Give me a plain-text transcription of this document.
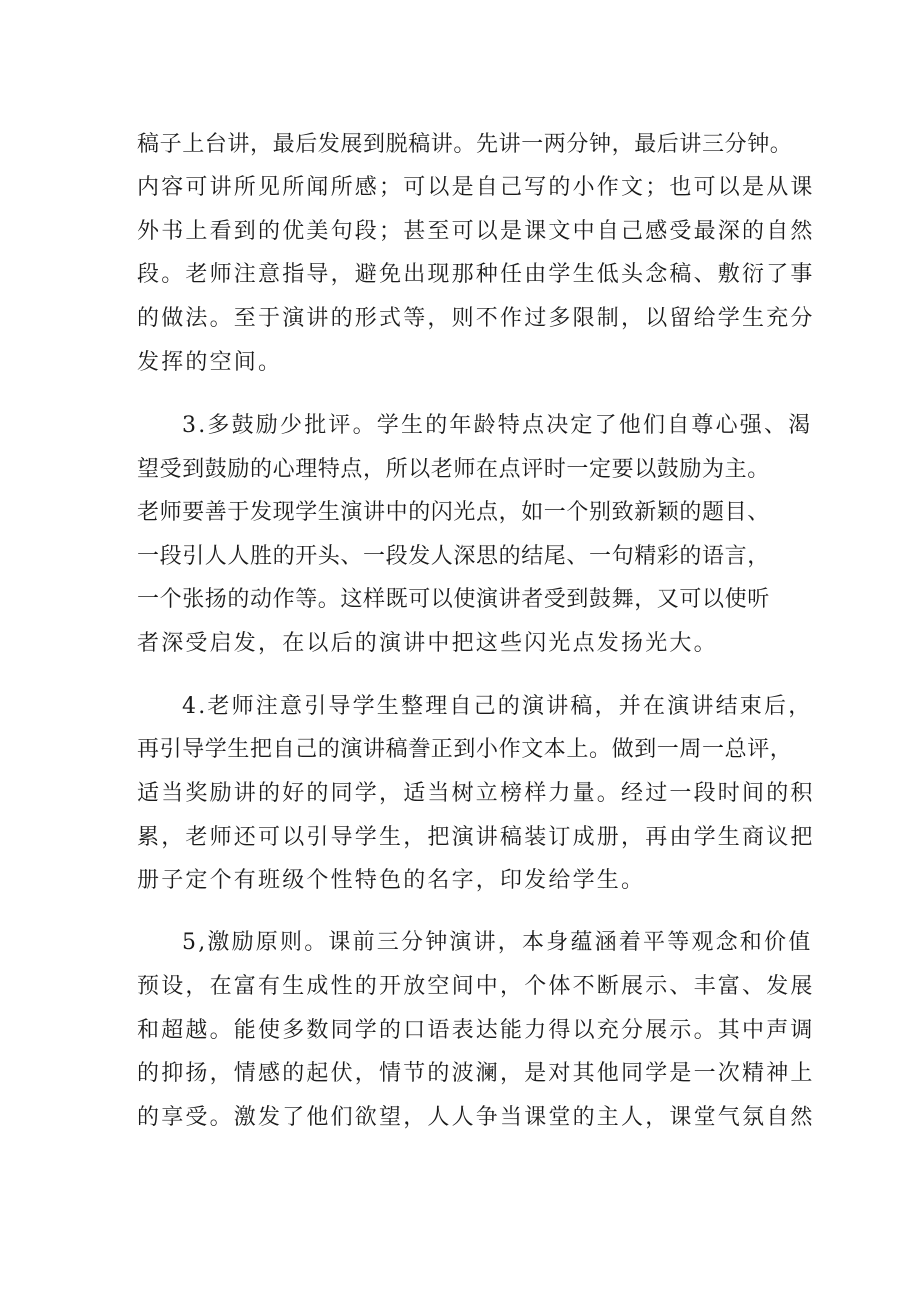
稿子上台讲，最后发展到脱稿讲。先讲一两分钟，最后讲三分钟。
内容可讲所见所闻所感；可以是自己写的小作文；也可以是从课
外书上看到的优美句段；甚至可以是课文中自己感受最深的自然
段。老师注意指导，避免出现那种任由学生低头念稿、敷衍了事
的做法。至于演讲的形式等，则不作过多限制，以留给学生充分
发挥的空间。
3.多鼓励少批评。学生的年龄特点决定了他们自尊心强、渴
望受到鼓励的心理特点，所以老师在点评时一定要以鼓励为主。
老师要善于发现学生演讲中的闪光点，如一个别致新颖的题目、
一段引人人胜的开头、一段发人深思的结尾、一句精彩的语言，
一个张扬的动作等。这样既可以使演讲者受到鼓舞，又可以使听
者深受启发，在以后的演讲中把这些闪光点发扬光大。
4.老师注意引导学生整理自己的演讲稿，并在演讲结束后，
再引导学生把自己的演讲稿誊正到小作文本上。做到一周一总评，
适当奖励讲的好的同学，适当树立榜样力量。经过一段时间的积
累，老师还可以引导学生，把演讲稿装订成册，再由学生商议把
册子定个有班级个性特色的名字，印发给学生。
5,激励原则。课前三分钟演讲，本身蕴涵着平等观念和价值
预设，在富有生成性的开放空间中，个体不断展示、丰富、发展
和超越。能使多数同学的口语表达能力得以充分展示。其中声调
的抑扬，情感的起伏，情节的波澜，是对其他同学是一次精神上
的享受。激发了他们欲望，人人争当课堂的主人，课堂气氛自然
